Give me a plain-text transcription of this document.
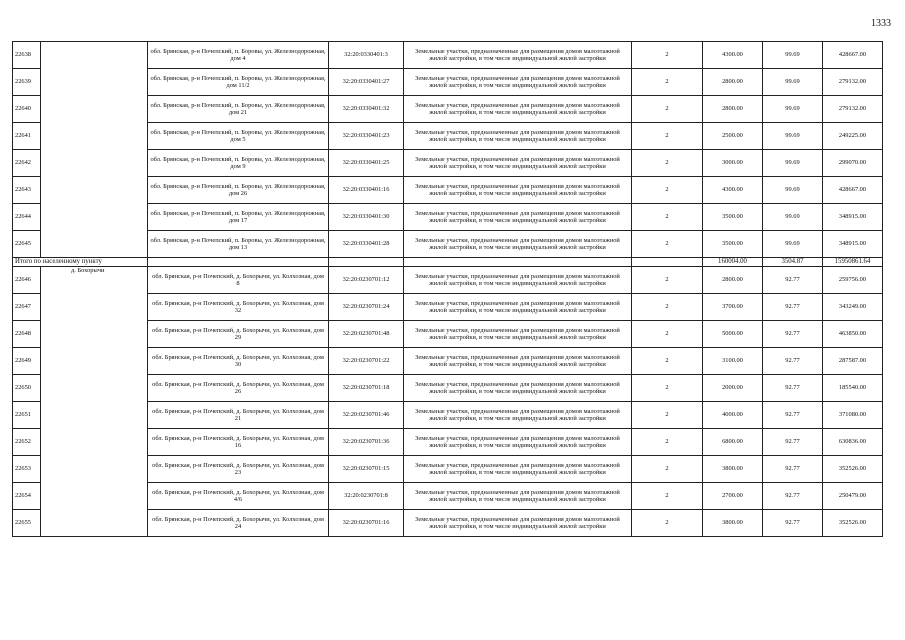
1333
22638		обл. Брянская, р-н Почепский, п. Боровы, ул. Железнодорожная, дом 4	32:20:0330401:3	Земельные участки, предназначенные для размещения домов малоэтажной жилой застройки, в том числе индивидуальной жилой застройки	2	4300.00	99.69	428667.00
22639		обл. Брянская, р-н Почепский, п. Боровы, ул. Железнодорожная, дом 11/2	32:20:0330401:27	Земельные участки, предназначенные для размещения домов малоэтажной жилой застройки, в том числе индивидуальной жилой застройки	2	2800.00	99.69	279132.00
22640		обл. Брянская, р-н Почепский, п. Боровы, ул. Железнодорожная, дом 21	32:20:0330401:32	Земельные участки, предназначенные для размещения домов малоэтажной жилой застройки, в том числе индивидуальной жилой застройки	2	2800.00	99.69	279132.00
22641		обл. Брянская, р-н Почепский, п. Боровы, ул. Железнодорожная, дом 5	32:20:0330401:23	Земельные участки, предназначенные для размещения домов малоэтажной жилой застройки, в том числе индивидуальной жилой застройки	2	2500.00	99.69	249225.00
22642		обл. Брянская, р-н Почепский, п. Боровы, ул. Железнодорожная, дом 9	32:20:0330401:25	Земельные участки, предназначенные для размещения домов малоэтажной жилой застройки, в том числе индивидуальной жилой застройки	2	3000.00	99.69	299070.00
22643		обл. Брянская, р-н Почепский, п. Боровы, ул. Железнодорожная, дом 26	32:20:0330401:16	Земельные участки, предназначенные для размещения домов малоэтажной жилой застройки, в том числе индивидуальной жилой застройки	2	4300.00	99.69	428667.00
22644		обл. Брянская, р-н Почепский, п. Боровы, ул. Железнодорожная, дом 17	32:20:0330401:30	Земельные участки, предназначенные для размещения домов малоэтажной жилой застройки, в том числе индивидуальной жилой застройки	2	3500.00	99.69	348915.00
22645		обл. Брянская, р-н Почепский, п. Боровы, ул. Железнодорожная, дом 13	32:20:0330401:28	Земельные участки, предназначенные для размещения домов малоэтажной жилой застройки, в том числе индивидуальной жилой застройки	2	3500.00	99.69	348915.00
Итого по населенному пункту						160004.00	3504.87	15950861.64
22646	д. Бохорычи	обл. Брянская, р-н Почепский, д. Бохорычи, ул. Колхозная, дом 8	32:20:0230701:12	Земельные участки, предназначенные для размещения домов малоэтажной жилой застройки, в том числе индивидуальной жилой застройки	2	2800.00	92.77	259756.00
22647		обл. Брянская, р-н Почепский, д. Бохорычи, ул. Колхозная, дом 32	32:20:0230701:24	Земельные участки, предназначенные для размещения домов малоэтажной жилой застройки, в том числе индивидуальной жилой застройки	2	3700.00	92.77	343249.00
22648		обл. Брянская, р-н Почепский, д. Бохорычи, ул. Колхозная, дом 29	32:20:0230701:48	Земельные участки, предназначенные для размещения домов малоэтажной жилой застройки, в том числе индивидуальной жилой застройки	2	5000.00	92.77	463850.00
22649		обл. Брянская, р-н Почепский, д. Бохорычи, ул. Колхозная, дом 30	32:20:0230701:22	Земельные участки, предназначенные для размещения домов малоэтажной жилой застройки, в том числе индивидуальной жилой застройки	2	3100.00	92.77	287587.00
22650		обл. Брянская, р-н Почепский, д. Бохорычи, ул. Колхозная, дом 26	32:20:0230701:18	Земельные участки, предназначенные для размещения домов малоэтажной жилой застройки, в том числе индивидуальной жилой застройки	2	2000.00	92.77	185540.00
22651		обл. Брянская, р-н Почепский, д. Бохорычи, ул. Колхозная, дом 21	32:20:0230701:46	Земельные участки, предназначенные для размещения домов малоэтажной жилой застройки, в том числе индивидуальной жилой застройки	2	4000.00	92.77	371080.00
22652		обл. Брянская, р-н Почепский, д. Бохорычи, ул. Колхозная, дом 16	32:20:0230701:36	Земельные участки, предназначенные для размещения домов малоэтажной жилой застройки, в том числе индивидуальной жилой застройки	2	6800.00	92.77	630836.00
22653		обл. Брянская, р-н Почепский, д. Бохорычи, ул. Колхозная, дом 23	32:20:0230701:15	Земельные участки, предназначенные для размещения домов малоэтажной жилой застройки, в том числе индивидуальной жилой застройки	2	3800.00	92.77	352526.00
22654		обл. Брянская, р-н Почепский, д. Бохорычи, ул. Колхозная, дом 4/6	32:20:0230701:8	Земельные участки, предназначенные для размещения домов малоэтажной жилой застройки, в том числе индивидуальной жилой застройки	2	2700.00	92.77	250479.00
22655		обл. Брянская, р-н Почепский, д. Бохорычи, ул. Колхозная, дом 24	32:20:0230701:16	Земельные участки, предназначенные для размещения домов малоэтажной жилой застройки, в том числе индивидуальной жилой застройки	2	3800.00	92.77	352526.00
